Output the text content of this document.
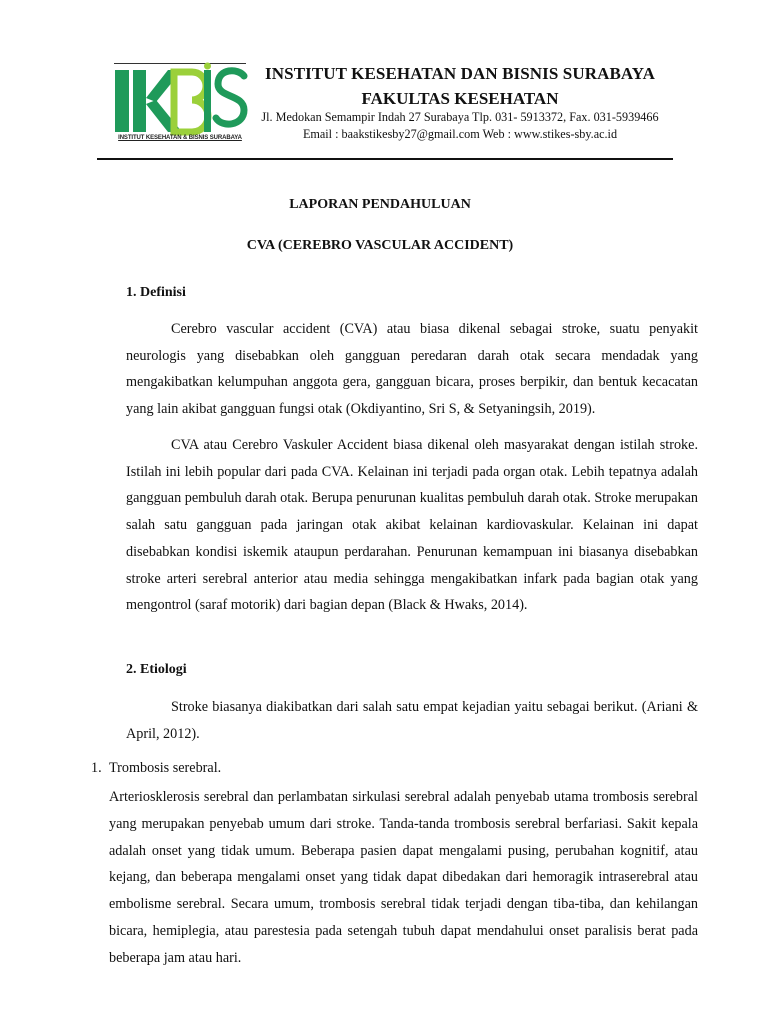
INSTITUT KESEHATAN & BISNIS SURABAYA
INSTITUT KESEHATAN DAN BISNIS SURABAYA
FAKULTAS KESEHATAN
Jl. Medokan Semampir Indah 27 Surabaya Tlp. 031- 5913372, Fax. 031-5939466
Email : baakstikesby27@gmail.com Web : www.stikes-sby.ac.id
LAPORAN PENDAHULUAN
CVA (CEREBRO VASCULAR ACCIDENT)
1. Definisi

Cerebro vascular accident (CVA) atau biasa dikenal sebagai stroke, suatu penyakit neurologis yang disebabkan oleh gangguan peredaran darah otak secara mendadak yang mengakibatkan kelumpuhan anggota gera, gangguan bicara, proses berpikir, dan bentuk kecacatan yang lain akibat gangguan fungsi otak (Okdiyantino, Sri S, & Setyaningsih, 2019).

CVA atau Cerebro Vaskuler Accident biasa dikenal oleh masyarakat dengan istilah stroke. Istilah ini lebih popular dari pada CVA. Kelainan ini terjadi pada organ otak. Lebih tepatnya adalah gangguan pembuluh darah otak. Berupa penurunan kualitas pembuluh darah otak. Stroke merupakan salah satu gangguan pada jaringan otak akibat kelainan kardiovaskular. Kelainan ini dapat disebabkan kondisi iskemik ataupun perdarahan. Penurunan kemampuan ini biasanya disebabkan stroke arteri serebral anterior atau media sehingga mengakibatkan infark pada bagian otak yang mengontrol (saraf motorik) dari bagian depan (Black & Hwaks, 2014).

2. Etiologi

Stroke biasanya diakibatkan dari salah satu empat kejadian yaitu sebagai berikut. (Ariani & April, 2012).

1. Trombosis serebral.

Arteriosklerosis serebral dan perlambatan sirkulasi serebral adalah penyebab utama trombosis serebral yang merupakan penyebab umum dari stroke. Tanda-tanda trombosis serebral berfariasi. Sakit kepala adalah onset yang tidak umum. Beberapa pasien dapat mengalami pusing, perubahan kognitif, atau kejang, dan beberapa mengalami onset yang tidak dapat dibedakan dari hemoragik intraserebral atau embolisme serebral. Secara umum, trombosis serebral tidak terjadi dengan tiba-tiba, dan kehilangan bicara, hemiplegia, atau parestesia pada setengah tubuh dapat mendahului onset paralisis berat pada beberapa jam atau hari.
